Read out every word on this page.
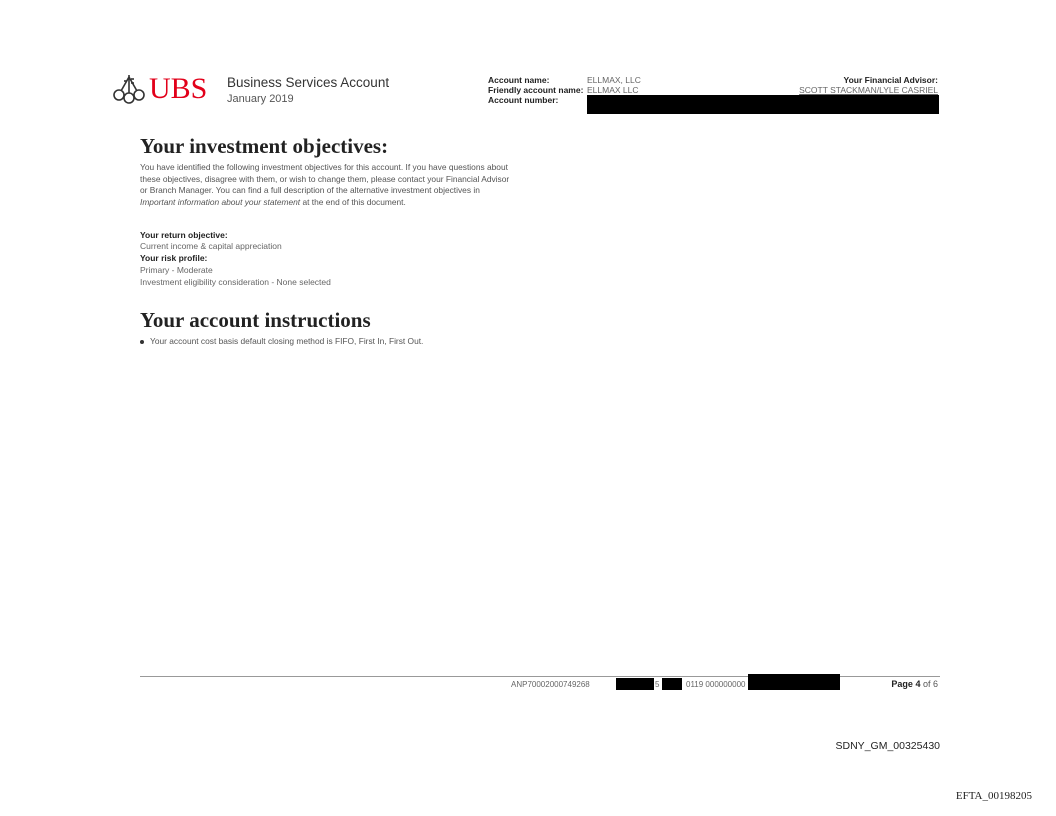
UBS Business Services Account
January 2019
Account name:	ELLMAX, LLC
Friendly account name: ELLMAX LLC
Account number:
Your Financial Advisor:
SCOTT STACKMAN/LYLE CASRIEL
Your investment objectives:
You have identified the following investment objectives for this account. If you have questions about these objectives, disagree with them, or wish to change them, please contact your Financial Advisor or Branch Manager. You can find a full description of the alternative investment objectives in Important information about your statement at the end of this document.
Your return objective:
Current income & capital appreciation
Your risk profile:
Primary - Moderate
Investment eligibility consideration - None selected
Your account instructions
Your account cost basis default closing method is FIFO, First In, First Out.
ANP70002000749268	5	0119 000000000	Page 4 of 6
SDNY_GM_00325430
EFTA_00198205
